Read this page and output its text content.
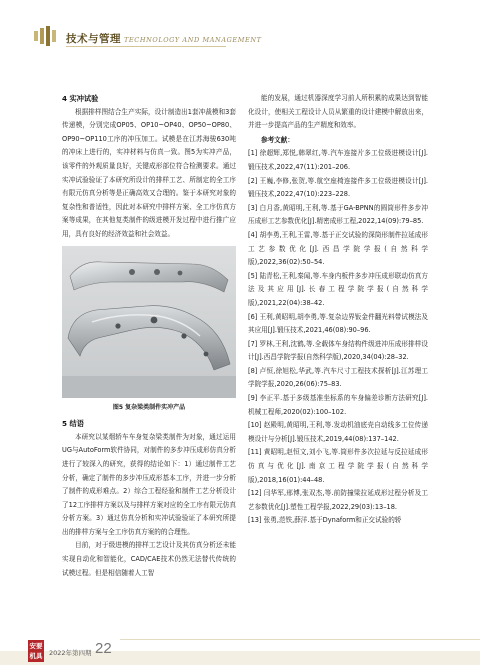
技术与管理 TECHNOLOGY AND MANAGEMENT
4 实冲试验
根据排样图结合生产实际，设计制造出1套冲裁模和3套传递模，分别完成OP05、OP10~OP40、OP50~OP80、OP90~OP110工序的冲压加工。试模是在江苏海骏630吨的冲床上进行的，实冲材料与仿真一致。图5为实冲产品，该零件的外观质量良好，关键成形部位符合检测要求。通过实冲试验验证了本研究所设计的排样工艺、所制定的全工序有限元仿真分析等是正确高效又合理的。鉴于本研究对象的复杂性和普适性，因此对本研究中排样方案、全工序仿真方案等成果，在其他复类制件的级进模开发过程中进行推广应用，具有良好的经济效益和社会效益。
图5 复杂梁类制件实冲产品
5 结语
本研究以某烟轿车车身复杂梁类制件为对象，通过运用UG与AutoForm软件协同，对制件的多步冲压成形仿真分析进行了较深入的研究，获得的结论如下：1）通过制件工艺分析，确定了制件的多步冲压成形基本工序，并进一步分析了制件的成形难点。2）综合工程经验和制件工艺分析设计了12工序排样方案以及与排样方案对应的全工序有限元仿真分析方案。3）通过仿真分析和实冲试验验证了本研究所提出的排样方案与全工序仿真方案的的合理性。
目前，对于级进模的排样工艺设计及其仿真分析还未能实现自动化和智能化，CAD/CAE技术仍然无法替代传统的试模过程。但是相信随着人工智
能的发展，通过机器深度学习前人所积累的成果达到智能化设计，使相关工程设计人员从繁重的设计建模中解放出来，并进一步提高产品的生产精度和效率。
参考文献：
[1] 徐超辉,郑悦,韩翠红,等.汽车连接片多工位级进模设计[J].锻压技术,2022,47(11):201–206.
[2] 王巍,李修,张贺,等.航空座椅连接件多工位级进模设计[J].锻压技术,2022,47(10):223–228.
[3] 白月香,黄昭明,王利,等.基于GA-BPNN的圆筒形件多步冲压成形工艺参数优化[J].精密成形工程,2022,14(09):79–85.
[4] 胡李勇,王利,王雷,等.基于正交试验的深筒形制件拉延成形工艺参数优化[J].西昌学院学报(自然科学版),2022,36(02):50–54.
[5] 陆青松,王利,秦闻,等.车身内板件多步冲压成形联动仿真方法及其应用[J].长春工程学院学报(自然科学版),2021,22(04):38–42.
[6] 王利,黄昭明,胡李勇,等.复杂边界钣金件翻光料带试模法及其应用[J].锻压技术,2021,46(08):90–96.
[7] 罗林,王利,沈鹤,等.全载体车身结构件级进冲压成形排样设计[J].西昌学院学报(自然科学版),2020,34(04):28–32.
[8] 卢恒,徐旭松,华武,等.汽车尺寸工程技术探析[J].江苏理工学院学报,2020,26(06):75–83.
[9] 李正平.基于多级基准坐标系的车身偏差诊断方法研究[J].机械工程师,2020(02):100–102.
[10] 赵殿明,黄昭明,王利,等.发动机油底壳自动线多工位传递模设计与分析[J].锻压技术,2019,44(08):137–142.
[11] 黄昭明,赵恒文,刘小飞,等.筒形件多次拉延与反拉延成形仿真与优化[J].南京工程学院学报(自然科学版),2018,16(01):44–48.
[12] 闫华军,邢博,张双杰,等.前防撞梁拉延成形过程分析及工艺参数优化[J].塑性工程学报,2022,29(03):13–18.
[13] 张勇,范铁,薛洋.基于Dynaform和正交试验的轿
安要
机具 2022年第四期 22
